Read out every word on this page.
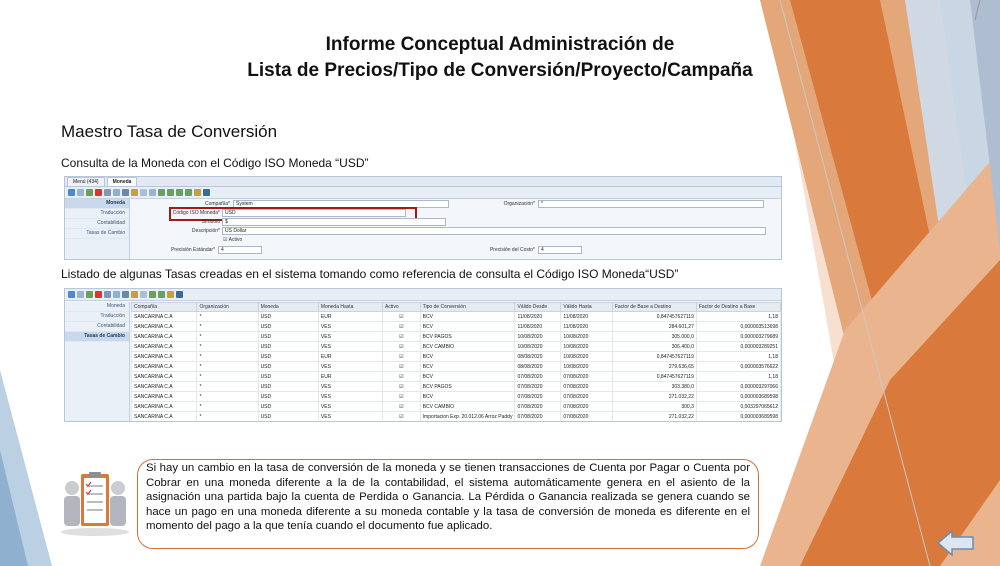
Informe Conceptual Administración de
Lista de Precios/Tipo de Conversión/Proyecto/Campaña
Maestro Tasa de Conversión
Consulta de la Moneda con el Código ISO Moneda “USD”
Listado de algunas Tasas creadas en el sistema tomando como referencia de consulta el Código ISO Moneda“USD”
Menú (434)	Moneda
Moneda
Traducción
Contabilidad
Tasas de Cambio
Compañía*	System	Organización*	*
Código ISO Moneda*	USD
Símbolo	$
Descripción*	US Dollar
☑ Activo
Precisión Estándar*	4	Precisión del Costo*	4
Moneda
Traducción
Contabilidad
Tasas de Cambio
Compañía	Organización	Moneda	Moneda Hasta	Activo	Tipo de Conversión	Válido Desde	Válido Hasta	Factor de Base a Destino	Factor de Destino a Base
SANCARINA C.A	*	USD	EUR	☑	BCV	11/08/2020	11/08/2020	0,847457627119	1,18
SANCARINA C.A	*	USD	VES	☑	BCV	11/08/2020	11/08/2020	284.601,27	0,000003513698
SANCARINA C.A	*	USD	VES	☑	BCV PAGOS	10/08/2020	10/08/2020	305.000,0	0,000003279689
SANCARINA C.A	*	USD	VES	☑	BCV CAMBIO	10/08/2020	10/08/2020	306.400,0	0,000003289251
SANCARINA C.A	*	USD	EUR	☑	BCV	08/08/2020	10/08/2020	0,847457627119	1,18
SANCARINA C.A	*	USD	VES	☑	BCV	08/08/2020	10/08/2020	279.636,65	0,000003576622
SANCARINA C.A	*	USD	EUR	☑	BCV	07/08/2020	07/08/2020	0,847457627119	1,18
SANCARINA C.A	*	USD	VES	☑	BCV PAGOS	07/08/2020	07/08/2020	303.380,0	0,000003297066
SANCARINA C.A	*	USD	VES	☑	BCV	07/08/2020	07/08/2020	271.032,22	0,000003689598
SANCARINA C.A	*	USD	VES	☑	BCV CAMBIO	07/08/2020	07/08/2020	300,3	0,003297065612
SANCARINA C.A	*	USD	VES	☑	Importacion Exp. 20.012.06 Arroz Paddy	07/08/2020	07/08/2020	271.032,22	0,000003689598
Si hay un cambio en la tasa de conversión de la moneda y se tienen transacciones de Cuenta por Pagar o Cuenta por Cobrar en una moneda diferente a la de la contabilidad, el sistema automáticamente genera en el asiento de la asignación una partida bajo la cuenta de Perdida o Ganancia. La Pérdida o Ganancia realizada se genera cuando se hace un pago en una moneda diferente a su moneda contable y la tasa de conversión de moneda es diferente en el momento del pago a la que tenía cuando el documento fue aplicado.
